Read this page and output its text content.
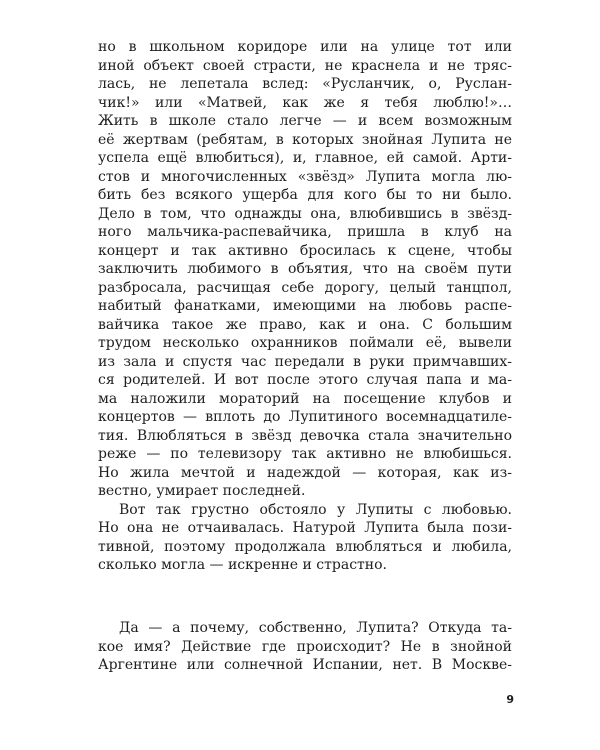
но в школьном коридоре или на улице тот или
иной объект своей страсти, не краснела и не тряс-
лась, не лепетала вслед: «Русланчик, о, Руслан-
чик!» или «Матвей, как же я тебя люблю!»…
Жить в школе стало легче — и всем возможным
её жертвам (ребятам, в которых знойная Лупита не
успела ещё влюбиться), и, главное, ей самой. Арти-
стов и многочисленных «звёзд» Лупита могла лю-
бить без всякого ущерба для кого бы то ни было.
Дело в том, что однажды она, влюбившись в звёзд-
ного мальчика-распевайчика, пришла в клуб на
концерт и так активно бросилась к сцене, чтобы
заключить любимого в объятия, что на своём пути
разбросала, расчищая себе дорогу, целый танцпол,
набитый фанатками, имеющими на любовь распе-
вайчика такое же право, как и она. С большим
трудом несколько охранников поймали её, вывели
из зала и спустя час передали в руки примчавших-
ся родителей. И вот после этого случая папа и ма-
ма наложили мораторий на посещение клубов и
концертов — вплоть до Лупитиного восемнадцатиле-
тия. Влюбляться в звёзд девочка стала значительно
реже — по телевизору так активно не влюбишься.
Но жила мечтой и надеждой — которая, как из-
вестно, умирает последней.
Вот так грустно обстояло у Лупиты с любовью.
Но она не отчаивалась. Натурой Лупита была пози-
тивной, поэтому продолжала влюбляться и любила,
сколько могла — искренне и страстно.
Да — а почему, собственно, Лупита? Откуда та-
кое имя? Действие где происходит? Не в знойной
Аргентине или солнечной Испании, нет. В Москве-
9
